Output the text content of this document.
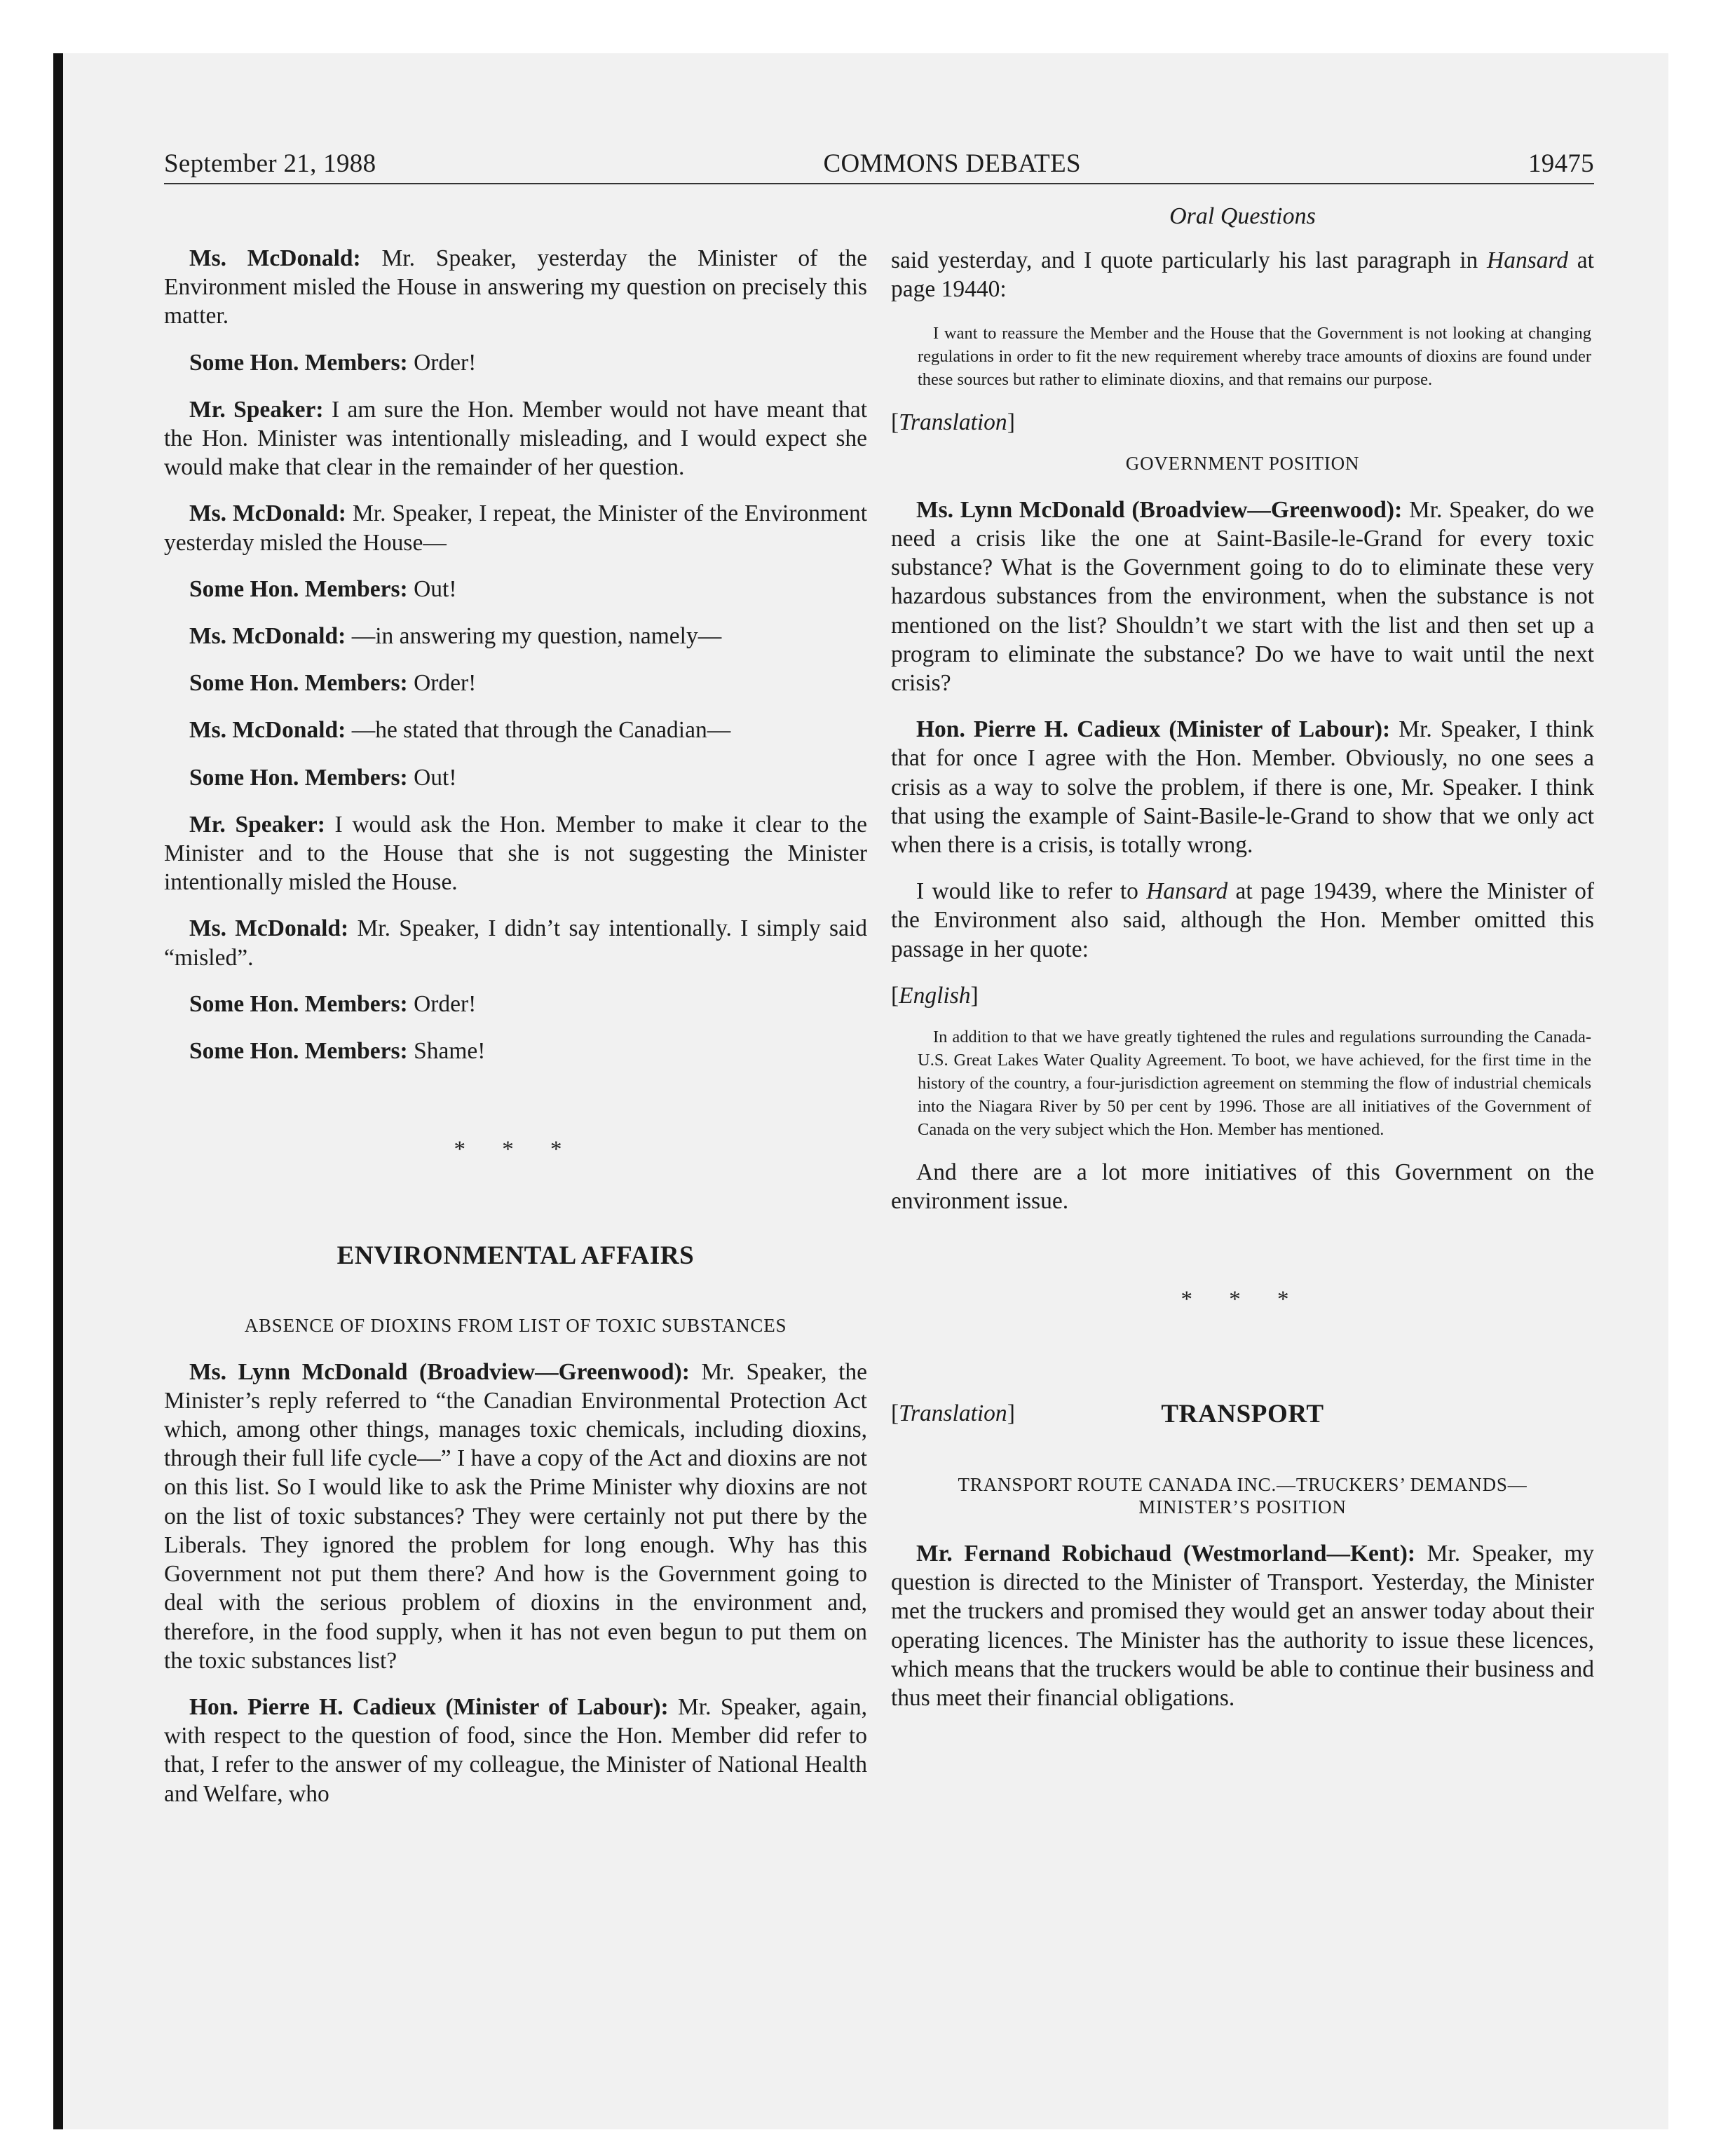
September 21, 1988	COMMONS DEBATES	19475

Ms. McDonald: Mr. Speaker, yesterday the Minister of the Environment misled the House in answering my question on precisely this matter.

Some Hon. Members: Order!

Mr. Speaker: I am sure the Hon. Member would not have meant that the Hon. Minister was intentionally misleading, and I would expect she would make that clear in the remainder of her question.

Ms. McDonald: Mr. Speaker, I repeat, the Minister of the Environment yesterday misled the House—

Some Hon. Members: Out!

Ms. McDonald: —in answering my question, namely—

Some Hon. Members: Order!

Ms. McDonald: —he stated that through the Canadian—

Some Hon. Members: Out!

Mr. Speaker: I would ask the Hon. Member to make it clear to the Minister and to the House that she is not suggesting the Minister intentionally misled the House.

Ms. McDonald: Mr. Speaker, I didn’t say intentionally. I simply said “misled”.

Some Hon. Members: Order!

Some Hon. Members: Shame!

* * *
ENVIRONMENTAL AFFAIRS
ABSENCE OF DIOXINS FROM LIST OF TOXIC SUBSTANCES

Ms. Lynn McDonald (Broadview—Greenwood): Mr. Speaker, the Minister’s reply referred to “the Canadian Environmental Protection Act which, among other things, manages toxic chemicals, including dioxins, through their full life cycle—” I have a copy of the Act and dioxins are not on this list. So I would like to ask the Prime Minister why dioxins are not on the list of toxic substances? They were certainly not put there by the Liberals. They ignored the problem for long enough. Why has this Government not put them there? And how is the Government going to deal with the serious problem of dioxins in the environment and, therefore, in the food supply, when it has not even begun to put them on the toxic substances list?

Hon. Pierre H. Cadieux (Minister of Labour): Mr. Speaker, again, with respect to the question of food, since the Hon. Member did refer to that, I refer to the answer of my colleague, the Minister of National Health and Welfare, who

Oral Questions

said yesterday, and I quote particularly his last paragraph in Hansard at page 19440:

I want to reassure the Member and the House that the Government is not looking at changing regulations in order to fit the new requirement whereby trace amounts of dioxins are found under these sources but rather to eliminate dioxins, and that remains our purpose.

[Translation]

GOVERNMENT POSITION

Ms. Lynn McDonald (Broadview—Greenwood): Mr. Speaker, do we need a crisis like the one at Saint-Basile-le-Grand for every toxic substance? What is the Government going to do to eliminate these very hazardous substances from the environment, when the substance is not mentioned on the list? Shouldn’t we start with the list and then set up a program to eliminate the substance? Do we have to wait until the next crisis?

Hon. Pierre H. Cadieux (Minister of Labour): Mr. Speaker, I think that for once I agree with the Hon. Member. Obviously, no one sees a crisis as a way to solve the problem, if there is one, Mr. Speaker. I think that using the example of Saint-Basile-le-Grand to show that we only act when there is a crisis, is totally wrong.

I would like to refer to Hansard at page 19439, where the Minister of the Environment also said, although the Hon. Member omitted this passage in her quote:

[English]

In addition to that we have greatly tightened the rules and regulations surrounding the Canada-U.S. Great Lakes Water Quality Agreement. To boot, we have achieved, for the first time in the history of the country, a four-jurisdiction agreement on stemming the flow of industrial chemicals into the Niagara River by 50 per cent by 1996. Those are all initiatives of the Government of Canada on the very subject which the Hon. Member has mentioned.

And there are a lot more initiatives of this Government on the environment issue.

* * *

[Translation]	TRANSPORT
TRANSPORT ROUTE CANADA INC.—TRUCKERS’ DEMANDS—
MINISTER’S POSITION

Mr. Fernand Robichaud (Westmorland—Kent): Mr. Speaker, my question is directed to the Minister of Transport. Yesterday, the Minister met the truckers and promised they would get an answer today about their operating licences. The Minister has the authority to issue these licences, which means that the truckers would be able to continue their business and thus meet their financial obligations.
